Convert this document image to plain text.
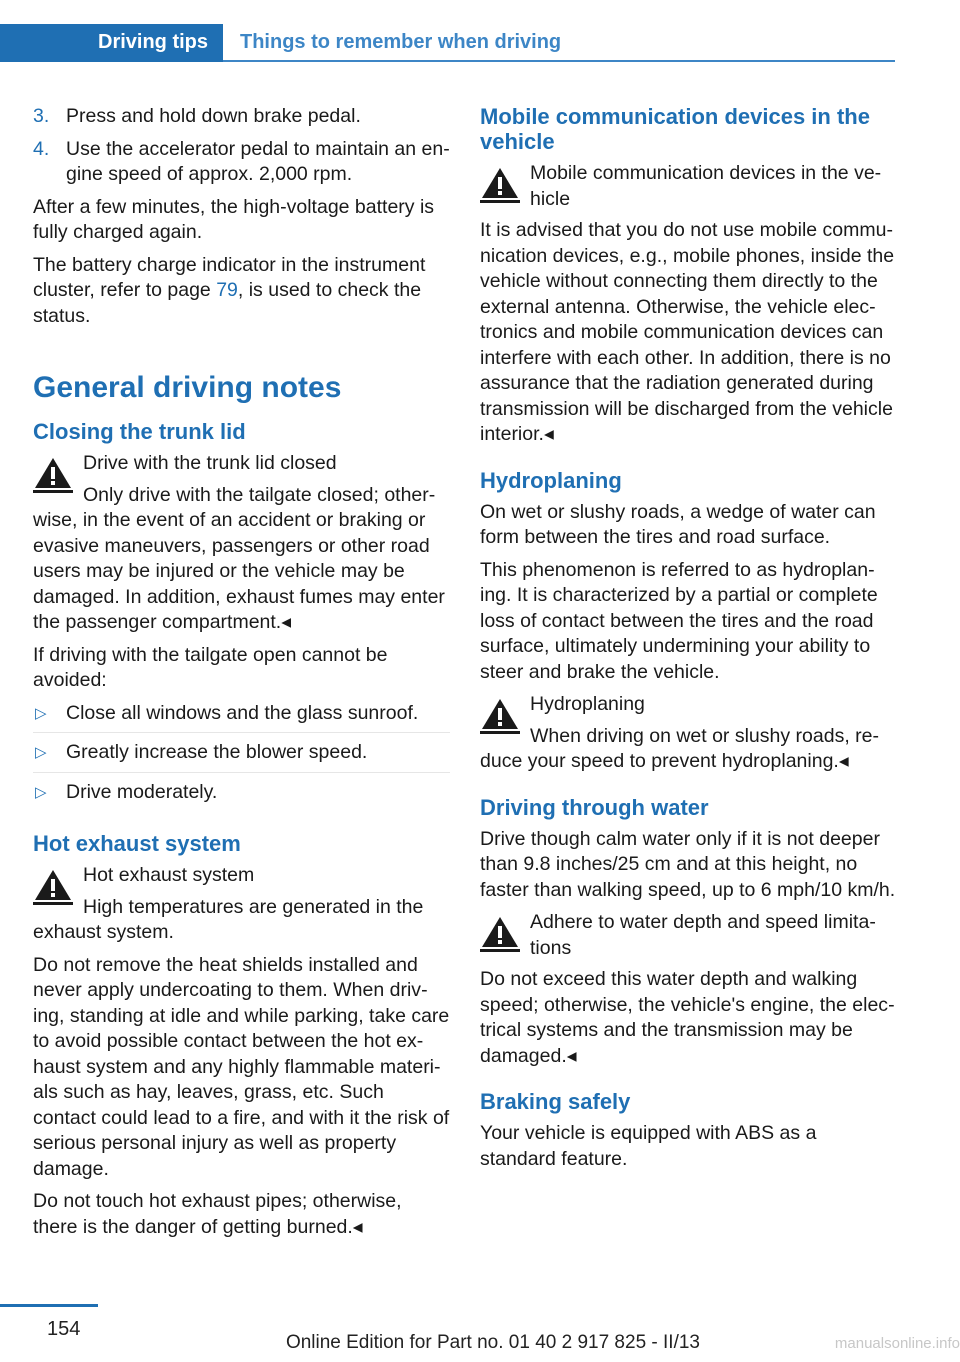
Driving tips	Things to remember when driving
3. Press and hold down brake pedal.
4. Use the accelerator pedal to maintain an engine speed of approx. 2,000 rpm.

After a few minutes, the high-voltage battery is fully charged again.

The battery charge indicator in the instrument cluster, refer to page 79, is used to check the status.

General driving notes
Closing the trunk lid
Drive with the trunk lid closed
Only drive with the tailgate closed; otherwise, in the event of an accident or braking or evasive maneuvers, passengers or other road users may be injured or the vehicle may be damaged. In addition, exhaust fumes may enter the passenger compartment.◂

If driving with the tailgate open cannot be avoided:

▷ Close all windows and the glass sunroof.
▷ Greatly increase the blower speed.
▷ Drive moderately.
Hot exhaust system
Hot exhaust system
High temperatures are generated in the exhaust system.

Do not remove the heat shields installed and never apply undercoating to them. When driving, standing at idle and while parking, take care to avoid possible contact between the hot exhaust system and any highly flammable materials such as hay, leaves, grass, etc. Such contact could lead to a fire, and with it the risk of serious personal injury as well as property damage.

Do not touch hot exhaust pipes; otherwise, there is the danger of getting burned.◂

Mobile communication devices in the vehicle
Mobile communication devices in the vehicle
It is advised that you do not use mobile communication devices, e.g., mobile phones, inside the vehicle without connecting them directly to the external antenna. Otherwise, the vehicle electronics and mobile communication devices can interfere with each other. In addition, there is no assurance that the radiation generated during transmission will be discharged from the vehicle interior.◂
Hydroplaning

On wet or slushy roads, a wedge of water can form between the tires and road surface.

This phenomenon is referred to as hydroplaning. It is characterized by a partial or complete loss of contact between the tires and the road surface, ultimately undermining your ability to steer and brake the vehicle.

Hydroplaning
When driving on wet or slushy roads, reduce your speed to prevent hydroplaning.◂
Driving through water

Drive though calm water only if it is not deeper than 9.8 inches/25 cm and at this height, no faster than walking speed, up to 6 mph/10 km/h.

Adhere to water depth and speed limitations
Do not exceed this water depth and walking speed; otherwise, the vehicle's engine, the electrical systems and the transmission may be damaged.◂
Braking safely

Your vehicle is equipped with ABS as a standard feature.

154
Online Edition for Part no. 01 40 2 917 825 - II/13	manualsonline.info
